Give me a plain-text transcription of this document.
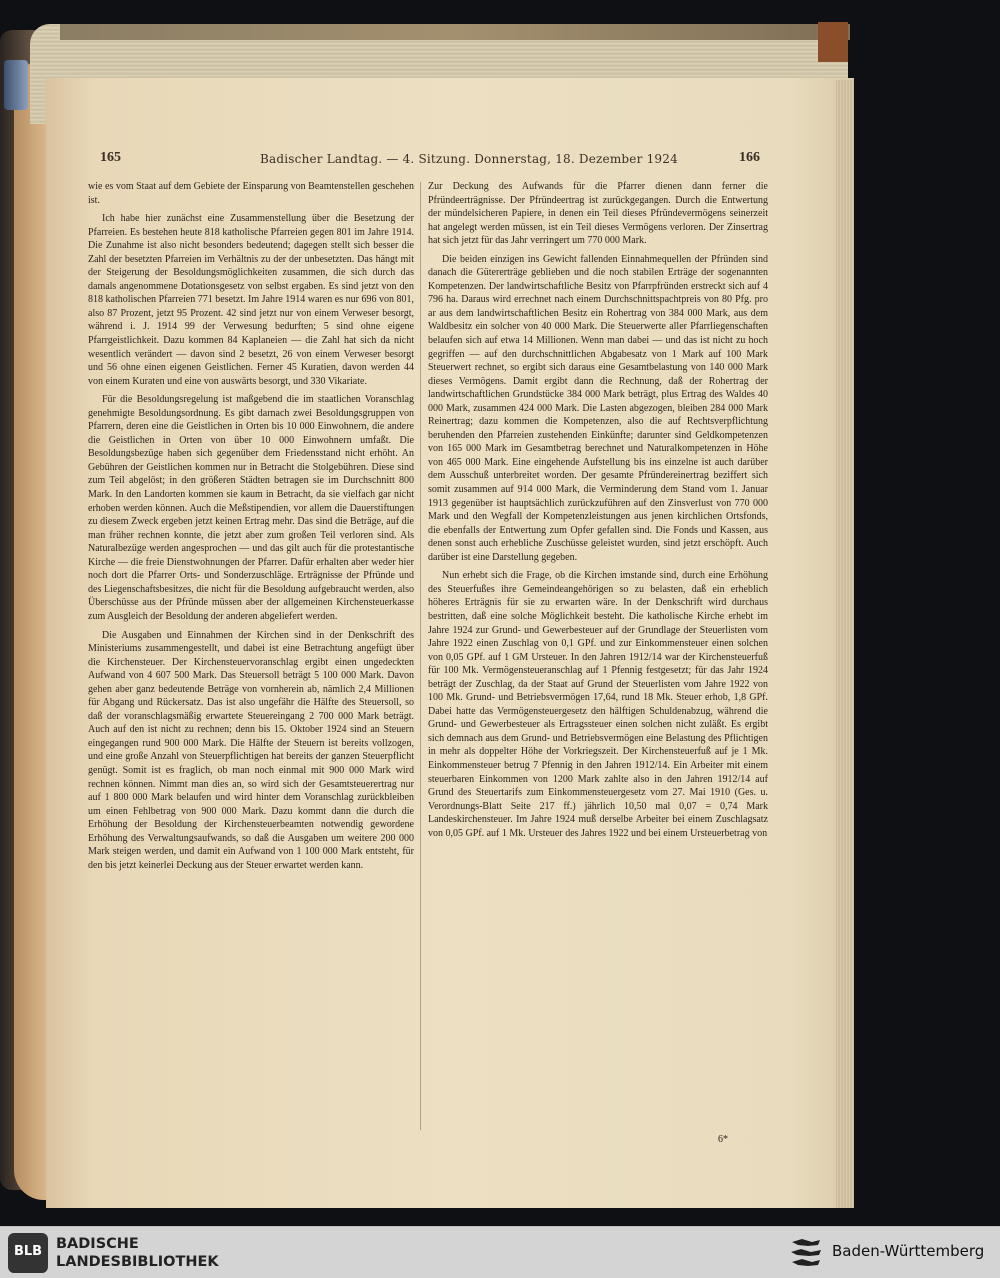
165	Badischer Landtag. — 4. Sitzung. Donnerstag, 18. Dezember 1924	166

wie es vom Staat auf dem Gebiete der Einsparung von Beamtenstellen geschehen ist.

Ich habe hier zunächst eine Zusammenstellung über die Besetzung der Pfarreien. Es bestehen heute 818 katholische Pfarreien gegen 801 im Jahre 1914. Die Zunahme ist also nicht besonders bedeutend; dagegen stellt sich besser die Zahl der besetzten Pfarreien im Verhältnis zu der der unbesetzten. Das hängt mit der Steigerung der Besoldungsmöglichkeiten zusammen, die sich durch das damals angenommene Dotationsgesetz von selbst ergaben. Es sind jetzt von den 818 katholischen Pfarreien 771 besetzt. Im Jahre 1914 waren es nur 696 von 801, also 87 Prozent, jetzt 95 Prozent. 42 sind jetzt nur von einem Verweser besorgt, während i. J. 1914 99 der Verwesung bedurften; 5 sind ohne eigene Pfarrgeistlichkeit. Dazu kommen 84 Kaplaneien — die Zahl hat sich da nicht wesentlich verändert — davon sind 2 besetzt, 26 von einem Verweser besorgt und 56 ohne einen eigenen Geistlichen. Ferner 45 Kuratien, davon werden 44 von einem Kuraten und eine von auswärts besorgt, und 330 Vikariate.

Für die Besoldungsregelung ist maßgebend die im staatlichen Voranschlag genehmigte Besoldungsordnung. Es gibt darnach zwei Besoldungsgruppen von Pfarrern, deren eine die Geistlichen in Orten bis 10 000 Einwohnern, die andere die Geistlichen in Orten von über 10 000 Einwohnern umfaßt. Die Besoldungsbezüge haben sich gegenüber dem Friedensstand nicht erhöht. An Gebühren der Geistlichen kommen nur in Betracht die Stolgebühren. Diese sind zum Teil abgelöst; in den größeren Städten betragen sie im Durchschnitt 800 Mark. In den Landorten kommen sie kaum in Betracht, da sie vielfach gar nicht erhoben werden können. Auch die Meßstipendien, vor allem die Dauerstiftungen zu diesem Zweck ergeben jetzt keinen Ertrag mehr. Das sind die Beträge, auf die man früher rechnen konnte, die jetzt aber zum großen Teil verloren sind. Als Naturalbezüge werden angesprochen — und das gilt auch für die protestantische Kirche — die freie Dienstwohnungen der Pfarrer. Dafür erhalten aber weder hier noch dort die Pfarrer Orts- und Sonderzuschläge. Erträgnisse der Pfründe und des Liegenschaftsbesitzes, die nicht für die Besoldung aufgebraucht werden, also Überschüsse aus der Pfründe müssen aber der allgemeinen Kirchensteuerkasse zum Ausgleich der Besoldung der anderen abgeliefert werden.

Die Ausgaben und Einnahmen der Kirchen sind in der Denkschrift des Ministeriums zusammengestellt, und dabei ist eine Betrachtung angefügt über die Kirchensteuer. Der Kirchensteuervoranschlag ergibt einen ungedeckten Aufwand von 4 607 500 Mark. Das Steuersoll beträgt 5 100 000 Mark. Davon gehen aber ganz bedeutende Beträge von vornherein ab, nämlich 2,4 Millionen für Abgang und Rückersatz. Das ist also ungefähr die Hälfte des Steuersoll, so daß der voranschlagsmäßig erwartete Steuereingang 2 700 000 Mark beträgt. Auch auf den ist nicht zu rechnen; denn bis 15. Oktober 1924 sind an Steuern eingegangen rund 900 000 Mark. Die Hälfte der Steuern ist bereits vollzogen, und eine große Anzahl von Steuerpflichtigen hat bereits der ganzen Steuerpflicht genügt. Somit ist es fraglich, ob man noch einmal mit 900 000 Mark wird rechnen können. Nimmt man dies an, so wird sich der Gesamtsteuerertrag nur auf 1 800 000 Mark belaufen und wird hinter dem Voranschlag zurückbleiben um einen Fehlbetrag von 900 000 Mark. Dazu kommt dann die durch die Erhöhung der Besoldung der Kirchensteuerbeamten notwendig gewordene Erhöhung des Verwaltungsaufwands, so daß die Ausgaben um weitere 200 000 Mark steigen werden, und damit ein Aufwand von 1 100 000 Mark entsteht, für den bis jetzt keinerlei Deckung aus der Steuer erwartet werden kann.

Zur Deckung des Aufwands für die Pfarrer dienen dann ferner die Pfründeerträgnisse. Der Pfründeertrag ist zurückgegangen. Durch die Entwertung der mündelsicheren Papiere, in denen ein Teil dieses Pfründevermögens seinerzeit hat angelegt werden müssen, ist ein Teil dieses Vermögens verloren. Der Zinsertrag hat sich jetzt für das Jahr verringert um 770 000 Mark.

Die beiden einzigen ins Gewicht fallenden Einnahmequellen der Pfründen sind danach die Gütererträge geblieben und die noch stabilen Erträge der sogenannten Kompetenzen. Der landwirtschaftliche Besitz von Pfarrpfründen erstreckt sich auf 4 796 ha. Daraus wird errechnet nach einem Durchschnittspachtpreis von 80 Pfg. pro ar aus dem landwirtschaftlichen Besitz ein Rohertrag von 384 000 Mark, aus dem Waldbesitz ein solcher von 40 000 Mark. Die Steuerwerte aller Pfarrliegenschaften belaufen sich auf etwa 14 Millionen. Wenn man dabei — und das ist nicht zu hoch gegriffen — auf den durchschnittlichen Abgabesatz von 1 Mark auf 100 Mark Steuerwert rechnet, so ergibt sich daraus eine Gesamtbelastung von 140 000 Mark dieses Vermögens. Damit ergibt dann die Rechnung, daß der Rohertrag der landwirtschaftlichen Grundstücke 384 000 Mark beträgt, plus Ertrag des Waldes 40 000 Mark, zusammen 424 000 Mark. Die Lasten abgezogen, bleiben 284 000 Mark Reinertrag; dazu kommen die Kompetenzen, also die auf Rechtsverpflichtung beruhenden den Pfarreien zustehenden Einkünfte; darunter sind Geldkompetenzen von 165 000 Mark im Gesamtbetrag berechnet und Naturalkompetenzen in Höhe von 465 000 Mark. Eine eingehende Aufstellung bis ins einzelne ist auch darüber dem Ausschuß unterbreitet worden. Der gesamte Pfründereinertrag beziffert sich somit zusammen auf 914 000 Mark, die Verminderung dem Stand vom 1. Januar 1913 gegenüber ist hauptsächlich zurückzuführen auf den Zinsverlust von 770 000 Mark und den Wegfall der Kompetenzleistungen aus jenen kirchlichen Ortsfonds, die ebenfalls der Entwertung zum Opfer gefallen sind. Die Fonds und Kassen, aus denen sonst auch erhebliche Zuschüsse geleistet wurden, sind jetzt erschöpft. Auch darüber ist eine Darstellung gegeben.

Nun erhebt sich die Frage, ob die Kirchen imstande sind, durch eine Erhöhung des Steuerfußes ihre Gemeindeangehörigen so zu belasten, daß ein erheblich höheres Erträgnis für sie zu erwarten wäre. In der Denkschrift wird durchaus bestritten, daß eine solche Möglichkeit besteht. Die katholische Kirche erhebt im Jahre 1924 zur Grund- und Gewerbesteuer auf der Grundlage der Steuerlisten vom Jahre 1922 einen Zuschlag von 0,1 GPf. und zur Einkommensteuer einen solchen von 0,05 GPf. auf 1 GM Ursteuer. In den Jahren 1912/14 war der Kirchensteuerfuß für 100 Mk. Vermögensteueranschlag auf 1 Pfennig festgesetzt; für das Jahr 1924 beträgt der Zuschlag, da der Staat auf Grund der Steuerlisten vom Jahre 1922 von 100 Mk. Grund- und Betriebsvermögen 17,64, rund 18 Mk. Steuer erhob, 1,8 GPf. Dabei hatte das Vermögensteuergesetz den hälftigen Schuldenabzug, während die Grund- und Gewerbesteuer als Ertragssteuer einen solchen nicht zuläßt. Es ergibt sich demnach aus dem Grund- und Betriebsvermögen eine Belastung des Pflichtigen in mehr als doppelter Höhe der Vorkriegszeit. Der Kirchensteuerfuß auf je 1 Mk. Einkommensteuer betrug 7 Pfennig in den Jahren 1912/14. Ein Arbeiter mit einem steuerbaren Einkommen von 1200 Mark zahlte also in den Jahren 1912/14 auf Grund des Steuertarifs zum Einkommensteuergesetz vom 27. Mai 1910 (Ges. u. Verordnungs-Blatt Seite 217 ff.) jährlich 10,50 mal 0,07 = 0,74 Mark Landeskirchensteuer. Im Jahre 1924 muß derselbe Arbeiter bei einem Zuschlagsatz von 0,05 GPf. auf 1 Mk. Ursteuer des Jahres 1922 und bei einem Ursteuerbetrag von

6*
BLB BADISCHE
LANDESBIBLIOTHEK
Baden-Württemberg
